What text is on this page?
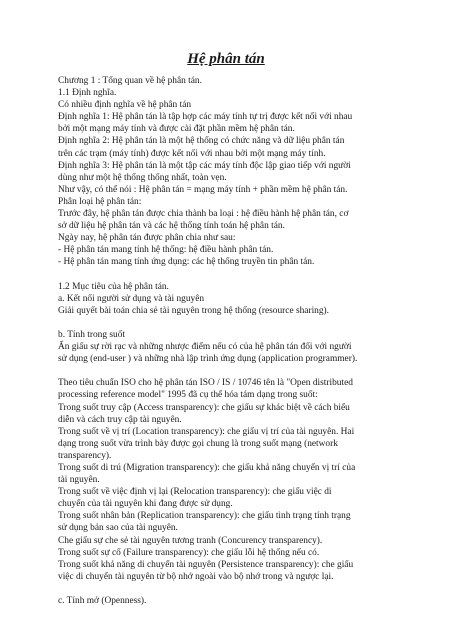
Hệ phân tán
Chương 1 : Tổng quan về hệ phân tán.
1.1 Định nghĩa.
Có nhiều định nghĩa về hệ phân tán
Định nghĩa 1: Hệ phân tán là tập hợp các máy tính tự trị được kết nối với nhau
bởi một mạng máy tính và được cài đặt phần mềm hệ phân tán.
Định nghĩa 2: Hệ phân tán là một hệ thống có chức năng và dữ liệu phân tán
trên các trạm (máy tính) được kết nối với nhau bởi một mạng máy tính.
Định nghĩa 3: Hệ phân tán là một tập các máy tính độc lập giao tiếp với người
dùng như một hệ thống thống nhất, toàn vẹn.
Như vậy, có thể nói : Hệ phân tán = mạng máy tính + phần mềm hệ phân tán.
Phân loại hệ phân tán:
Trước đây, hệ phân tán được chia thành ba loại : hệ điều hành hệ phân tán, cơ
sở dữ liệu hệ phân tán và các hệ thống tính toán hệ phân tán.
Ngày nay, hệ phân tán được phân chia như sau:
- Hệ phân tán mang tính hệ thống: hệ điều hành phân tán.
- Hệ phân tán mang tính ứng dụng: các hệ thống truyền tin phân tán.
1.2 Mục tiêu của hệ phân tán.
a. Kết nối người sử dụng và tài nguyên
Giải quyết bài toán chia sẻ tài nguyên trong hệ thống (resource sharing).
b. Tính trong suốt
Ẩn giấu sự rời rạc và những nhược điểm nếu có của hệ phân tán đối với người
sử dụng (end-user ) và những nhà lập trình ứng dụng (application programmer).
Theo tiêu chuẩn ISO cho hệ phân tán ISO / IS / 10746 tên là "Open distributed
processing reference model" 1995 đã cụ thể hóa tám dạng trong suốt:
Trong suốt truy cập (Access transparency): che giấu sự khác biệt về cách biểu
diễn và cách truy cập tài nguyên.
Trong suốt về vị trí (Location transparency): che giấu vị trí của tài nguyên. Hai
dạng trong suốt vừa trình bày được gọi chung là trong suốt mạng (network
transparency).
Trong suốt di trú (Migration transparency): che giấu khả năng chuyển vị trí của
tài nguyên.
Trong suốt về việc định vị lại (Relocation transparency): che giấu việc di
chuyển của tài nguyên khi đang được sử dụng.
Trong suốt nhân bản (Replication transparency): che giấu tình trạng tính trạng
sử dụng bản sao của tài nguyên.
Che giấu sự che sẻ tài nguyên tương tranh (Concurency transparency).
Trong suốt sự cố (Failure transparency): che giấu lỗi hệ thống nếu có.
Trong suốt khả năng di chuyển tài nguyên (Persistence transparency): che giấu
việc di chuyển tài nguyên từ bộ nhớ ngoài vào bộ nhớ trong và ngược lại.
c. Tính mở (Openness).
